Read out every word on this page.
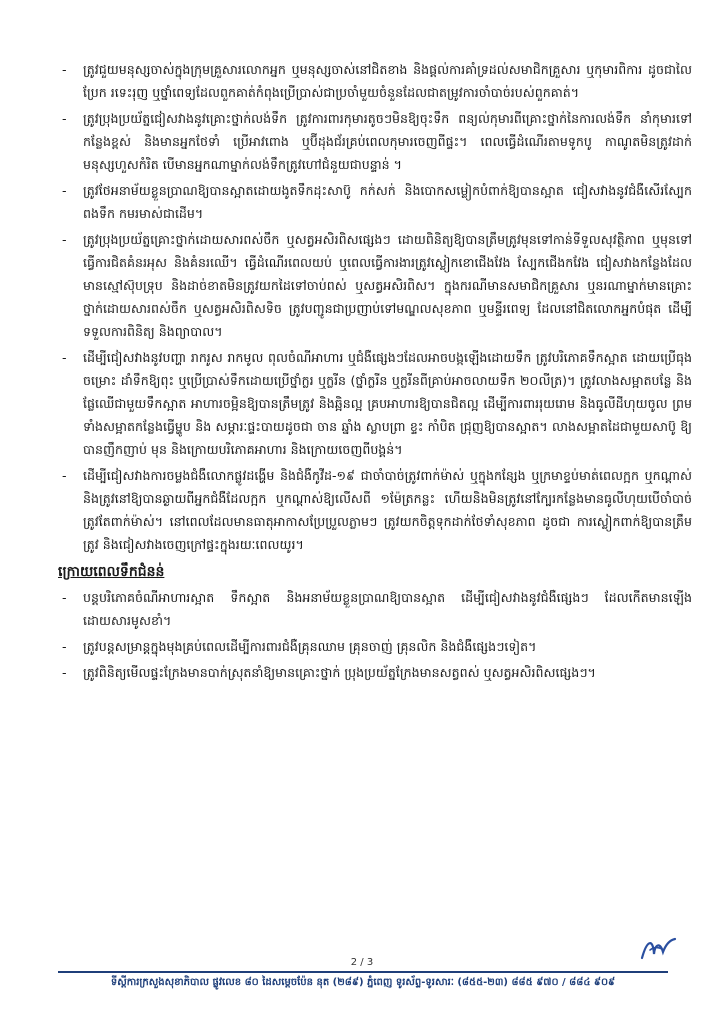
-	ត្រូវជួយមនុស្សចាស់ក្នុងក្រុមគ្រួសារលោកអ្នក ឬមនុស្សចាស់នៅជិតខាង និងផ្តល់ការគាំទ្រដល់សមាជិកគ្រួសារ ឬកុមារពិការ ដូចជាលៃប្រែក រទេះរុញ ឬថ្នាំពេទ្យដែលពួកគាត់កំពុងប្រើប្រាស់ជាប្រចាំមួយចំនួនដែលជាតម្រូវការចាំបាច់របស់ពួកគាត់។
-	ត្រូវប្រុងប្រយ័ត្នជៀសវាងនូវគ្រោះថ្នាក់លង់ទឹក ត្រូវការពារកុមារតូចៗមិនឱ្យចុះទឹក ពន្យល់កុមារពីគ្រោះថ្នាក់នៃការលង់ទឹក នាំកុមារទៅកន្លែងខ្ពស់ និងមានអ្នកថែទាំ ប្រើអាវពោង ឬប៊ីដុងជ័រគ្រប់ពេលកុមារចេញពីផ្ទះ។ ពេលធ្វើដំណើរតាមទូកបូ កាណូតមិនត្រូវដាក់មនុស្សហួសកំរិត បើមានអ្នកណាម្នាក់លង់ទឹកត្រូវហៅជំនួយជាបន្ទាន់ ។
-	ត្រូវថែអនាម័យខ្លួនប្រាណឱ្យបានស្អាតដោយងូតទឹកដុះសាប៊ូ កក់សក់ និងបោកសម្លៀកបំពាក់ឱ្យបានស្អាត ជៀសវាងនូវជំងឺសើរស្បែក ពងទឹក កមរមាស់ជាដើម។
-	ត្រូវប្រុងប្រយ័ត្នគ្រោះថ្នាក់ដោយសារពស់ចឹក ឬសត្វអសិរពិសផ្សេងៗ ដោយពិនិត្យឱ្យបានត្រឹមត្រូវមុនទៅកាន់ទីទួលសុវត្ថិភាព ឬមុនទៅធ្វើការជិតគំនរអុស និងគំនរឈើ។ ធ្វើដំណើរពេលយប់ ឬពេលធ្វើការងារត្រូវស្លៀកខោជើងវែង ស្បែកជើងកវែង ជៀសវាងកន្លែងដែលមានស្មៅស៊ុបទ្រុប និងដាច់ខាតមិនត្រូវយកដៃទៅចាប់ពស់ ឬសត្វអសិរពិស។ ក្នុងករណីមានសមាជិកគ្រួសារ ឬនរណាម្នាក់មានគ្រោះថ្នាក់ដោយសារពស់ចឹក ឬសត្វអសិរពិសទិច ត្រូវបញ្ជូនជាប្រញាប់ទៅមណ្ឌលសុខភាព ឬមន្ទីរពេទ្យ ដែលនៅជិតលោកអ្នកបំផុត ដើម្បីទទួលការពិនិត្យ និងព្យាបាល។
-	ដើម្បីជៀសវាងនូវបញ្ហា រាករូស រាកមូល ពុលចំណីអាហារ ឬជំងឺផ្សេងៗដែលអាចបង្កឡើងដោយទឹក ត្រូវបរិភោគទឹកស្អាត ដោយប្រើធុងចម្រោះ ដាំទឹកឱ្យពុះ ឬប្រើប្រាស់ទឹកដោយប្រើថ្នាំក្លរ ឬក្លរីន (ថ្នាំក្លរីន ឬក្លរីនពីគ្រាប់អាចលាយទឹក ២០លីត្រ)។ ត្រូវលាងសម្អាតបន្លែ និងផ្លែឈើជាមួយទឹកស្អាត អាហារចម្អិនឱ្យបានត្រឹមត្រូវ និងឆ្អិនល្អ គ្របអាហារឱ្យបានជិតល្អ ដើម្បីការពាររុយរោម និងធូលីដីហុយចូល ព្រមទាំងសម្អាតកន្លែងធ្វើម្ហូប និង សម្ភារៈផ្ទះបាយដូចជា ចាន ឆ្នាំង ស្លាបព្រា ខ្ទះ កាំបិត ជ្រុញឱ្យបានស្អាត។ លាងសម្អាតដៃជាមួយសាប៊ូ ឱ្យបានញឹកញាប់ មុន និងក្រោយបរិភោគអាហារ និងក្រោយចេញពីបង្គន់។
-	ដើម្បីជៀសវាងការចម្លងជំងឺលោកផ្លូវដង្ហើម និងជំងឺកូវីដ-១៩ ជាចាំបាច់ត្រូវពាក់ម៉ាស់ ឬក្នុងកន្សែង ឬក្រមាខ្ទប់មាត់ពេលក្អក ឬកណ្តាស់ និងត្រូវនៅឱ្យបានឆ្ងាយពីអ្នកជំងឺដែលក្អក ឬកណ្តាស់ឱ្យលើសពី ១ម៉ែត្រកន្លះ ហើយនិងមិនត្រូវនៅក្បែរកន្លែងមានធូលីហុយបើចាំបាច់ត្រូវតែពាក់ម៉ាស់។ នៅពេលដែលមានធាតុអាកាសប្រែប្រួលភ្លាមៗ ត្រូវយកចិត្តទុកដាក់ថែទាំសុខភាព ដូចជា ការស្លៀកពាក់ឱ្យបានត្រឹមត្រូវ និងជៀសវាងចេញក្រៅផ្ទះក្នុងរយៈពេលយូរ។
ក្រោយពេលទឹកជំនន់
-	បន្តបរិភោគចំណីអាហារស្អាត ទឹកស្អាត និងអនាម័យខ្លួនប្រាណឱ្យបានស្អាត ដើម្បីជៀសវាងនូវជំងឺផ្សេងៗ ដែលកើតមានឡើងដោយសារមូសខាំ។
-	ត្រូវបន្តសម្រាន្តក្នុងមុងគ្រប់ពេលដើម្បីការពារជំងឺគ្រុនឈាម គ្រុនចាញ់ គ្រុនលិក និងជំងឺផ្សេងៗទៀត។
-	ត្រូវពិនិត្យមើលផ្ទះក្រែងមានបាក់ស្រុតនាំឱ្យមានគ្រោះថ្នាក់ ប្រុងប្រយ័ត្នក្រែងមានសត្វពស់ ឬសត្វអសិរពិសផ្សេងៗ។
2 / 3
ទីស្តីការក្រសួងសុខាភិបាល ផ្លូវលេខ ៨០ ដៃសម្តេចប៉ែន នុត (២៨៩) ភ្នំពេញ ទូរស័ព្ទ-ទូរសារៈ (៨៥៥-២៣) ៨៨៥ ៩៧០ / ៨៨៤ ៩០៩
